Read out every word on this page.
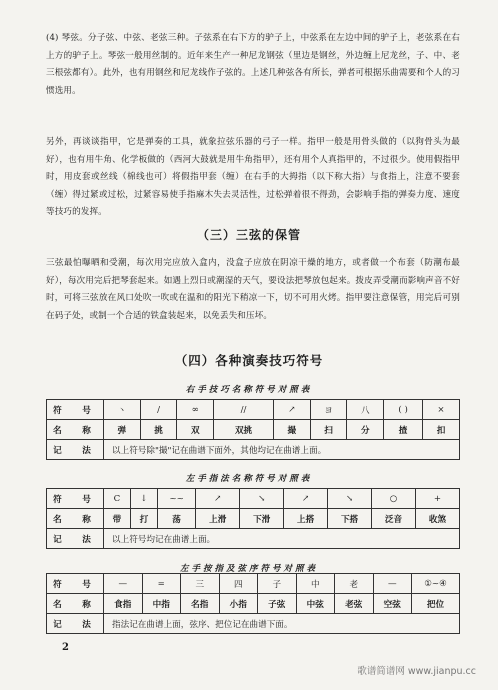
(4) 琴弦。分子弦、中弦、老弦三种。子弦系在右下方的驴子上，中弦系在左边中间的驴子上，老弦系在右上方的驴子上。琴弦一般用丝制的。近年来生产一种尼龙钢弦（里边是钢丝，外边缠上尼龙丝，子、中、老三根弦都有）。此外，也有用钢丝和尼龙线作子弦的。上述几种弦各有所长，弹者可根据乐曲需要和个人的习惯选用。

另外，再谈谈指甲，它是弹奏的工具，就象拉弦乐器的弓子一样。指甲一般是用骨头做的（以狗骨头为最好），也有用牛角、化学板做的（西河大鼓就是用牛角指甲），还有用个人真指甲的，不过很少。使用假指甲时，用皮套或丝线（棉线也可）将假指甲套（缠）在右手的大拇指（以下称大指）与食指上，注意不要套（缠）得过紧或过松，过紧容易使手指麻木失去灵活性，过松弹着很不得劲，会影响手指的弹奏力度、速度等技巧的发挥。

（三）三弦的保管

三弦最怕曝晒和受潮，每次用完应放入盒内，没盒子应放在阴凉干燥的地方，或者做一个布套（防潮布最好），每次用完后把琴套起来。如遇上烈日或潮湿的天气，要设法把琴放包起来。拨皮弄受潮而影响声音不好时，可将三弦放在风口处吹一吹或在温和的阳光下稍凉一下，切不可用火烤。指甲要注意保管，用完后可别在码子处，或制一个合适的铁盒装起来，以免丢失和压坏。

（四）各种演奏技巧符号

右手技巧名称符号对照表

符　号	丶	/	∞	//	↗	ヨ	八	( )	×
名　称	弹	挑	双	双挑	撮	扫	分	揸	扣
记　法	以上符号除"撮"记在曲谱下面外，其他均记在曲谱上面。								

左手指法名称符号对照表

符　号	C	↓	~~	↗	↘	↗	↘	○	+
名　称	带	打	荡	上滑	下滑	上搭	下搭	泛音	收煞
记　法	以上符号均记在曲谱上面。								

左手按指及弦序符号对照表

符　号	—	=	三	四	子	中	老	—	①~④
名　称	食指	中指	名指	小指	子弦	中弦	老弦	空弦	把位
记　法	指法记在曲谱上面，弦序、把位记在曲谱下面。								

2

歌谱简谱网 www.jianpu.cc
